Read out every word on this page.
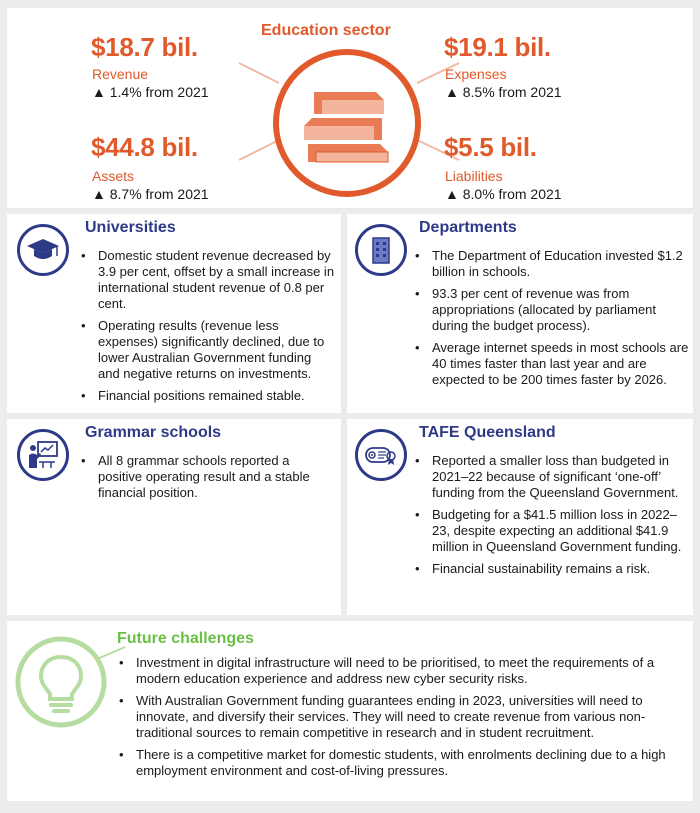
Education sector
$18.7 bil.
Revenue
▲ 1.4% from 2021
$44.8 bil.
Assets
▲ 8.7% from 2021
$19.1 bil.
Expenses
▲ 8.5% from 2021
$5.5 bil.
Liabilities
▲ 8.0% from 2021
Universities
• Domestic student revenue decreased by 3.9 per cent, offset by a small increase in international student revenue of 0.8 per cent.
• Operating results (revenue less expenses) significantly declined, due to lower Australian Government funding and negative returns on investments.
• Financial positions remained stable.
Departments
• The Department of Education invested $1.2 billion in schools.
• 93.3 per cent of revenue was from appropriations (allocated by parliament during the budget process).
• Average internet speeds in most schools are 40 times faster than last year and are expected to be 200 times faster by 2026.
Grammar schools
• All 8 grammar schools reported a positive operating result and a stable financial position.
TAFE Queensland
• Reported a smaller loss than budgeted in 2021–22 because of significant ‘one-off’ funding from the Queensland Government.
• Budgeting for a $41.5 million loss in 2022–23, despite expecting an additional $41.9 million in Queensland Government funding.
• Financial sustainability remains a risk.
Future challenges
• Investment in digital infrastructure will need to be prioritised, to meet the requirements of a modern education experience and address new cyber security risks.
• With Australian Government funding guarantees ending in 2023, universities will need to innovate, and diversify their services. They will need to create revenue from various non-traditional sources to remain competitive in research and in student recruitment.
• There is a competitive market for domestic students, with enrolments declining due to a high employment environment and cost-of-living pressures.
